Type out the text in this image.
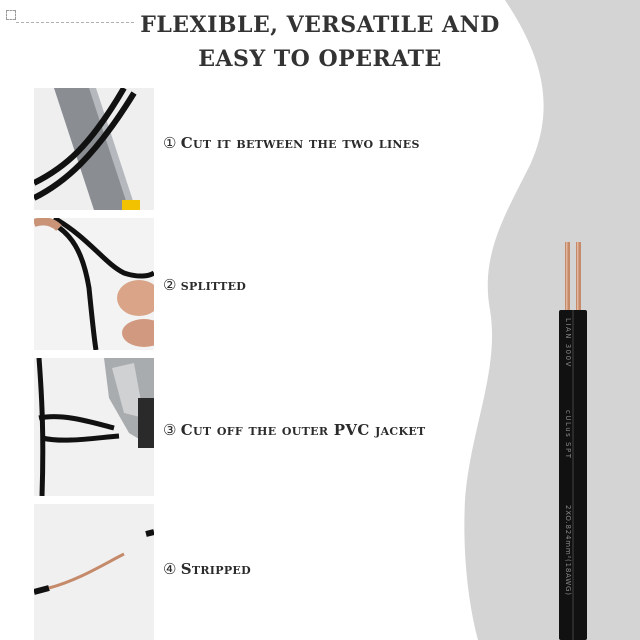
FLEXIBLE, VERSATILE AND
EASY TO OPERATE
① Cut it between the two lines
② splitted
③ Cut off the outer PVC jacket
④ Stripped
LIAN 300V
cULus SPT
2XO.824mm²(18AWG)
